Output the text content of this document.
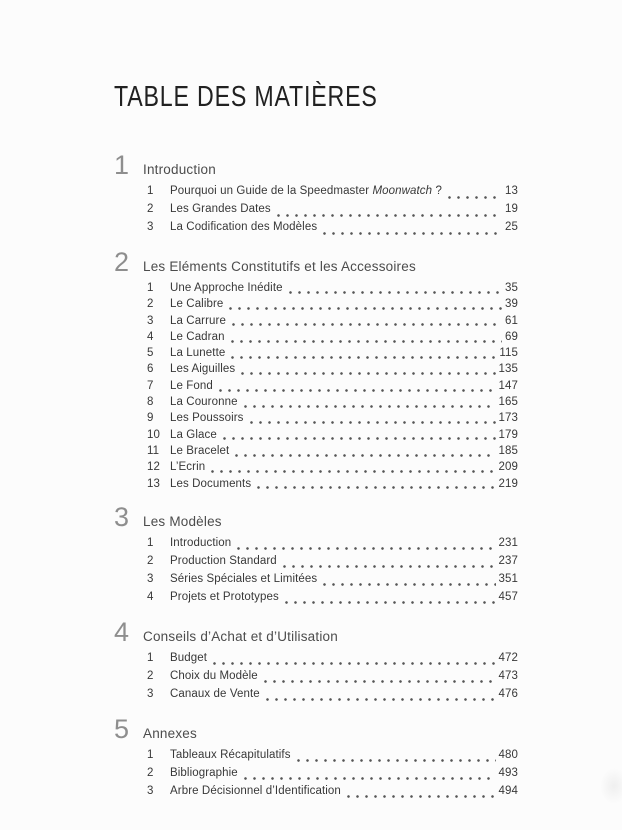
TABLE DES MATIÈRES
1	Introduction
1	Pourquoi un Guide de la Speedmaster Moonwatch ?	13
2	Les Grandes Dates	19
3	La Codification des Modèles	25
2	Les Eléments Constitutifs et les Accessoires
1	Une Approche Inédite	35
2	Le Calibre	39
3	La Carrure	61
4	Le Cadran	69
5	La Lunette	115
6	Les Aiguilles	135
7	Le Fond	147
8	La Couronne	165
9	Les Poussoirs	173
10 La Glace	179
11 Le Bracelet	185
12 L’Ecrin	209
13 Les Documents	219
3	Les Modèles
1	Introduction	231
2	Production Standard	237
3	Séries Spéciales et Limitées	351
4	Projets et Prototypes	457
4	Conseils d’Achat et d’Utilisation
1	Budget	472
2	Choix du Modèle	473
3	Canaux de Vente	476
5	Annexes
1	Tableaux Récapitulatifs	480
2	Bibliographie	493
3	Arbre Décisionnel d’Identification	494
